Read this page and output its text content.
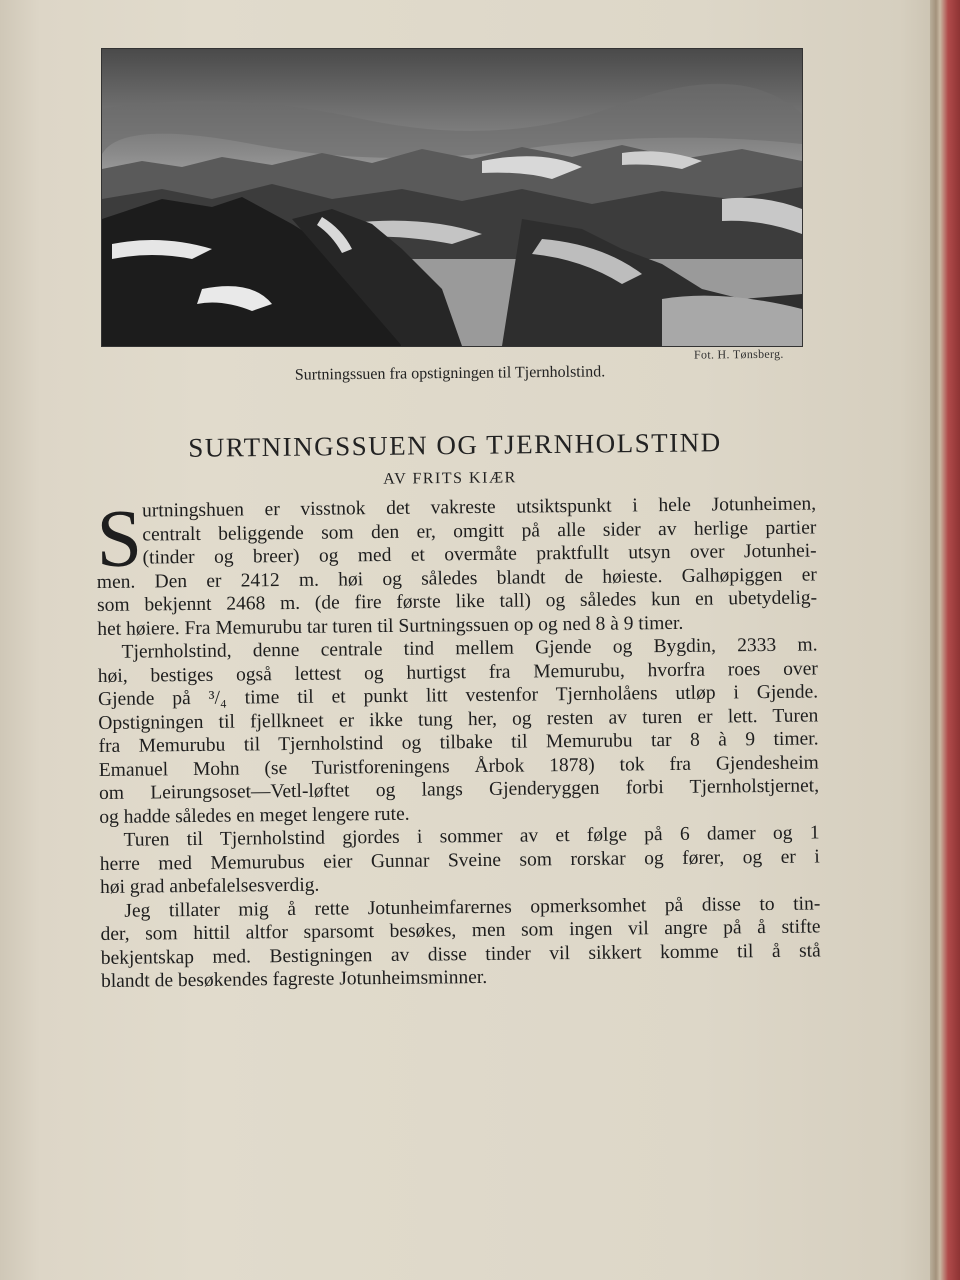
Fot. H. Tønsberg.
Surtningssuen fra opstigningen til Tjernholstind.
SURTNINGSSUEN OG TJERNHOLSTIND
AV FRITS KIÆR
S urtningshuen er visstnok det vakreste utsiktspunkt i hele Jotunheimen,
centralt beliggende som den er, omgitt på alle sider av herlige partier
(tinder og breer) og med et overmåte praktfullt utsyn over Jotunhei-
men. Den er 2412 m. høi og således blandt de høieste. Galhøpiggen er
som bekjennt 2468 m. (de fire første like tall) og således kun en ubetydelig-
het høiere. Fra Memurubu tar turen til Surtningssuen op og ned 8 à 9 timer.
Tjernholstind, denne centrale tind mellem Gjende og Bygdin, 2333 m.
høi, bestiges også lettest og hurtigst fra Memurubu, hvorfra roes over
Gjende på ³/₄ time til et punkt litt vestenfor Tjernholåens utløp i Gjende.
Opstigningen til fjellkneet er ikke tung her, og resten av turen er lett. Turen
fra Memurubu til Tjernholstind og tilbake til Memurubu tar 8 à 9 timer.
Emanuel Mohn (se Turistforeningens Årbok 1878) tok fra Gjendesheim
om Leirungsoset—Vetl-løftet og langs Gjenderyggen forbi Tjernholstjernet,
og hadde således en meget lengere rute.
Turen til Tjernholstind gjordes i sommer av et følge på 6 damer og 1
herre med Memurubus eier Gunnar Sveine som rorskar og fører, og er i
høi grad anbefalelsesverdig.
Jeg tillater mig å rette Jotunheimfarernes opmerksomhet på disse to tin-
der, som hittil altfor sparsomt besøkes, men som ingen vil angre på å stifte
bekjentskap med. Bestigningen av disse tinder vil sikkert komme til å stå
blandt de besøkendes fagreste Jotunheimsminner.
